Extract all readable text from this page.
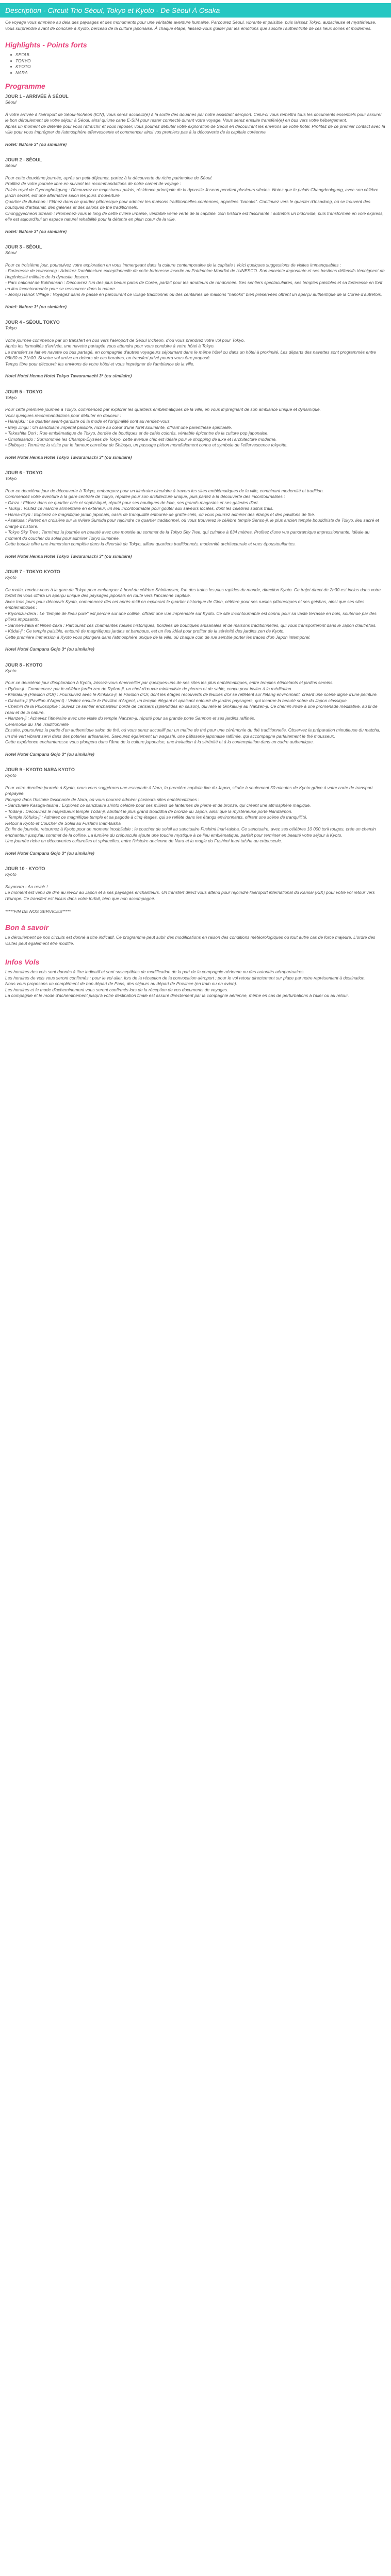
Description - Circuit Trio Séoul, Tokyo et Kyoto - De Séoul À Osaka

Ce voyage vous emmène au dela des paysages et des monuments pour une véritable aventure humaine. Parcourez Séoul, vibrante et paisible, puis laissez Tokyo, audacieuse et mystérieuse, vous surprendre avant de conclure à Kyoto, berceau de la culture japonaise. À chaque étape, laissez-vous guider par les émotions que suscite l'authenticité de ces lieux soires et modernes.

Highlights - Points forts
SEOUL
TOKYO
KYOTO
NARA
Programme
JOUR 1 - ARRIVÉE À SÉOUL
Séoul

À votre arrivée à l'aéroport de Séoul-Incheon (ICN), vous serez accueilli(e) à la sortie des douanes par notre assistant aéroport. Celui-ci vous remettra tous les documents essentiels pour assurer le bon déroulement de votre séjour à Séoul, ainsi qu'une carte E-SIM pour rester connecté durant votre voyage. Vous serez ensuite transféré(e) en bus vers votre hébergement.
Après un moment de détente pour vous rafraîchir et vous reposer, vous pourrez débuter votre exploration de Séoul en découvrant les environs de votre hôtel. Profitez de ce premier contact avec la ville pour vous imprégner de l'atmosphère effervescente et commencer ainsi vos premiers pas à la découverte de la capitale coréenne.

Hotel: Nafore 3* (ou similaire)
JOUR 2 - SÉOUL
Séoul

Pour cette deuxième journée, après un petit-déjeuner, partez à la découverte du riche patrimoine de Séoul.
Profitez de votre journée libre en suivant les recommandations de notre carnet de voyage :
Palais royal de Gyeongbokgung : Découvrez ce majestueux palais, résidence principale de la dynastie Joseon pendant plusieurs siècles. Notez que le palais Changdeokgung, avec son célèbre jardin secret, est une alternative selon les jours d'ouverture.
Quartier de Bukchon : Flânez dans ce quartier pittoresque pour admirer les maisons traditionnelles coréennes, appelées "hanoks". Continuez vers le quartier d'Insadong, où se trouvent des boutiques d'artisanat, des galeries et des salons de thé traditionnels.
Chonggyecheon Stream : Promenez-vous le long de cette rivière urbaine, véritable veine verte de la capitale. Son histoire est fascinante : autrefois un bidonville, puis transformée en voie express, elle est aujourd'hui un espace naturel rehabilité pour la détente en plein cœur de la ville.

Hotel: Nafore 3* (ou similaire)
JOUR 3 - SÉOUL
Séoul

Pour ce troisième jour, poursuivez votre exploration en vous immergeant dans la culture contemporaine de la capitale ! Voici quelques suggestions de visites immanquables :
- Forteresse de Hwaseong : Admirez l'architecture exceptionnelle de cette forteresse inscrite au Patrimoine Mondial de l'UNESCO. Son enceinte imposante et ses bastions défensifs témoignent de l'ingéniosité militaire de la dynastie Joseon.
- Parc national de Bukhansan : Découvrez l'un des plus beaux parcs de Corée, parfait pour les amateurs de randonnée. Ses sentiers spectaculaires, ses temples paisibles et sa forteresse en font un lieu incontournable pour se ressourcer dans la nature.
- Jeonju Hanok Village : Voyagez dans le passé en parcourant ce village traditionnel où des centaines de maisons "hanoks" bien préservées offrent un aperçu authentique de la Corée d'autrefois.

Hotel: Nafore 3* (ou similaire)
JOUR 4 - SÉOUL TOKYO
Tokyo

Votre journée commence par un transfert en bus vers l'aéroport de Séoul Incheon, d'où vous prendrez votre vol pour Tokyo.
Après les formalités d'arrivée, une navette partagée vous attendra pour vous conduire à votre hôtel à Tokyo.
Le transfert se fait en navette ou bus partagé, en compagnie d'autres voyageurs séjournant dans le même hôtel ou dans un hôtel à proximité. Les départs des navettes sont programmés entre 06h30 et 21h00. Si votre vol arrive en dehors de ces horaires, un transfert privé pourra vous être proposé.
Temps libre pour découvrir les environs de votre hôtel et vous imprégner de l'ambiance de la ville.

Hotel Hotel Henna Hotel Tokyo Tawaramachi 3* (ou similaire)
JOUR 5 - TOKYO
Tokyo

Pour cette première journée à Tokyo, commencez par explorer les quartiers emblématiques de la ville, en vous imprégnant de son ambiance unique et dynamique.
Voici quelques recommandations pour débuter en douceur :
• Harajuku : Le quartier avant-gardiste où la mode et l'originalité sont au rendez-vous.
• Meiji Jingu : Un sanctuaire impérial paisible, niché au cœur d'une forêt luxuriante, offrant une parenthèse spirituelle.
• Takeshita Dori : Rue emblématique de Tokyo, bordée de boutiques et de cafés colorés, véritable épicentre de la culture pop japonaise.
• Omotesando : Surnommée les Champs-Élysées de Tokyo, cette avenue chic est idéale pour le shopping de luxe et l'architecture moderne.
• Shibuya : Terminez la visite par le fameux carrefour de Shibuya, un passage piéton mondialement connu et symbole de l'effervescence tokyoïte.

Hotel Hotel Henna Hotel Tokyo Tawaramachi 3* (ou similaire)
JOUR 6 - TOKYO
Tokyo

Pour ce deuxième jour de découverte à Tokyo, embarquez pour un itinéraire circulaire à travers les sites emblématiques de la ville, combinant modernité et tradition.
Commencez votre aventure à la gare centrale de Tokyo, réputée pour son architecture unique, puis partez à la découverte des incontournables :
• Ginza : Flânez dans ce quartier chic et sophistiqué, réputé pour ses boutiques de luxe, ses grands magasins et ses galeries d'art.
• Tsukiji : Visitez ce marché alimentaire en extérieur, un lieu incontournable pour goûter aux saveurs locales, dont les célèbres sushis frais.
• Hama-rikyū : Explorez ce magnifique jardin japonais, oasis de tranquillité entourée de gratte-ciels, où vous pourrez admirer des étangs et des pavillons de thé.
• Asakusa : Partez en croisière sur la rivière Sumida pour rejoindre ce quartier traditionnel, où vous trouverez le célèbre temple Senso-ji, le plus ancien temple bouddhiste de Tokyo, lieu sacré et chargé d'histoire.
• Tokyo Sky Tree : Terminez la journée en beauté avec une montée au sommet de la Tokyo Sky Tree, qui culmine à 634 mètres. Profitez d'une vue panoramique impressionnante, idéale au moment du coucher du soleil pour admirer Tokyo illuminée.
Cette boucle offre une immersion complète dans la diversité de Tokyo, alliant quartiers traditionnels, modernité architecturale et vues époustouflantes.

Hotel Hotel Henna Hotel Tokyo Tawaramachi 3* (ou similaire)
JOUR 7 - TOKYO KYOTO
Kyoto

Ce matin, rendez-vous à la gare de Tokyo pour embarquer à bord du célèbre Shinkansen, l'un des trains les plus rapides du monde, direction Kyoto. Ce trajet direct de 2h30 est inclus dans votre forfait tel vous offrira un aperçu unique des paysages japonais en route vers l'ancienne capitale.
Avec trois jours pour découvrir Kyoto, commencez dès cet après-midi en explorant le quartier historique de Gion, célèbre pour ses ruelles pittoresques et ses geishas, ainsi que ses sites emblématiques :
• Kiyomizu-dera : Le "temple de l'eau pure" est perché sur une colline, offrant une vue imprenable sur Kyoto. Ce site incontournable est connu pour sa vaste terrasse en bois, soutenue par des piliers imposants.
• Sannen-zaka et Ninen-zaka : Parcourez ces charmantes ruelles historiques, bordées de boutiques artisanales et de maisons traditionnelles, qui vous transporteront dans le Japon d'autrefois.
• Kōdai-ji : Ce temple paisible, entouré de magnifiques jardins et bambous, est un lieu idéal pour profiter de la sérénité des jardins zen de Kyoto.
Cette première immersion à Kyoto vous plongera dans l'atmosphère unique de la ville, où chaque coin de rue semble porter les traces d'un Japon intemporel.

Hotel Hotel Campana Gojo 3* (ou similaire)
JOUR 8 - KYOTO
Kyoto

Pour ce deuxième jour d'exploration à Kyoto, laissez-vous émerveiller par quelques-uns de ses sites les plus emblématiques, entre temples étincelants et jardins sereins.
• Ryōan-ji : Commencez par le célèbre jardin zen de Ryōan-ji, un chef-d'œuvre minimaliste de pierres et de sable, conçu pour inviter à la méditation.
• Kinkaku-ji (Pavillon d'Or) : Poursuivez avec le Kinkaku-ji, le Pavillon d'Or, dont les étages recouverts de feuilles d'or se reflètent sur l'étang environnant, créant une scène digne d'une peinture.
• Ginkaku-ji (Pavillon d'Argent) : Visitez ensuite le Pavillon d'Argent, un temple élégant et apaisant entouré de jardins paysagers, qui incarne la beauté sobre du Japon classique.
• Chemin de la Philosophie : Suivez ce sentier enchanteur bordé de cerisiers (splendides en saison), qui relie le Ginkaku-ji au Nanzen-ji. Ce chemin invite à une promenade méditative, au fil de l'eau et de la nature.
• Nanzen-ji : Achevez l'itinéraire avec une visite du temple Nanzen-ji, réputé pour sa grande porte Sanmon et ses jardins raffinés.
Cérémonie du Thé Traditionnelle
Ensuite, poursuivez la partie d'un authentique salon de thé, où vous serez accueilli par un maître de thé pour une cérémonie du thé traditionnelle. Observez la préparation minutieuse du matcha, un thé vert vibrant servi dans des poteries artisanales. Savourez également un wagashi, une pâtisserie japonaise raffinée, qui accompagne parfaitement le thé mousseux.
Cette expérience enchanteresse vous plongera dans l'âme de la culture japonaise, une invitation à la sérénité et à la contemplation dans un cadre authentique.

Hotel Hotel Campana Gojo 3* (ou similaire)
JOUR 9 - KYOTO NARA KYOTO
Kyoto

Pour votre dernière journée à Kyoto, nous vous suggérons une escapade à Nara, la première capitale fixe du Japon, située à seulement 50 minutes de Kyoto grâce à votre carte de transport prépayée.
Plongez dans l'histoire fascinante de Nara, où vous pourrez admirer plusieurs sites emblématiques :
• Sanctuaire Kasuga-taisha : Explorez ce sanctuaire shinto célèbre pour ses milliers de lanternes de pierre et de bronze, qui créent une atmosphère magique.
• Todai-ji : Découvrez le majestueux temple Tōdai-ji, abritant le plus grand Bouddha de bronze du Japon, ainsi que la mystérieuse porte Nandaimon.
• Temple Kōfuku-ji : Admirez ce magnifique temple et sa pagode à cinq étages, qui se reflète dans les étangs environnants, offrant une scène de tranquillité.
Retour à Kyoto et Coucher de Soleil au Fushimi Inari-taisha
En fin de journée, retournez à Kyoto pour un moment inoubliable : le coucher de soleil au sanctuaire Fushimi Inari-taisha. Ce sanctuaire, avec ses célèbres 10 000 torii rouges, crée un chemin enchanteur jusqu'au sommet de la colline. La lumière du crépuscule ajoute une touche mystique à ce lieu emblématique, parfait pour terminer en beauté votre séjour à Kyoto.
Une journée riche en découvertes culturelles et spirituelles, entre l'histoire ancienne de Nara et la magie du Fushimi Inari-taisha au crépuscule.

Hotel Hotel Campana Gojo 3* (ou similaire)
JOUR 10 - KYOTO
Kyoto

Sayonara - Au revoir !
Le moment est venu de dire au revoir au Japon et à ses paysages enchanteurs. Un transfert direct vous attend pour rejoindre l'aéroport international du Kansai (KIX) pour votre vol retour vers l'Europe. Ce transfert est inclus dans votre forfait, bien que non accompagné.

*****FIN DE NOS SERVICES*****
Bon à savoir

Le déroulement de nos circuits est donné à titre indicatif. Ce programme peut subir des modifications en raison des conditions météorologiques ou tout autre cas de force majeure. L'ordre des visites peut également être modifié.

Infos Vols

Les horaires des vols sont donnés à titre indicatif et sont susceptibles de modification de la part de la compagnie aérienne ou des autorités aéroportuaires.
Les horaires de vols vous seront confirmés : pour le vol aller, lors de la réception de la convocation aéroport ; pour le vol retour directement sur place par notre représentant à destination.
Nous vous proposons un complément de bon départ de Paris, des séjours au départ de Province (en train ou en avion).
Les horaires et le mode d'acheminement vous seront confirmés lors de la réception de vos documents de voyages.
La compagnie et le mode d'acheminement jusqu'à votre destination finale est assuré directement par la compagnie aérienne, même en cas de perturbations à l'aller ou au retour.
